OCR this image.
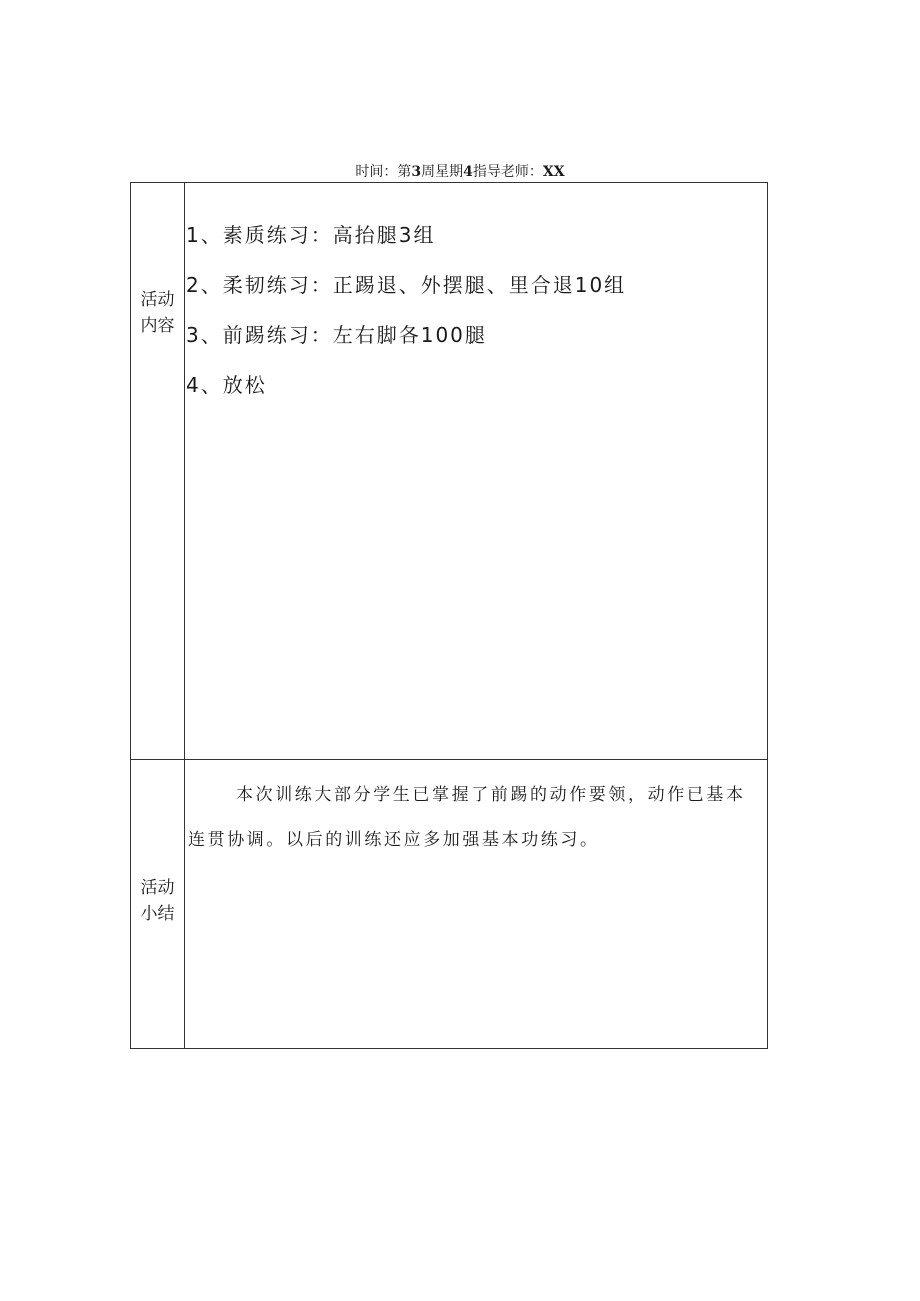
时间：第3周星期4指导老师：XX
活动
内容
1、素质练习：高抬腿3组
2、柔韧练习：正踢退、外摆腿、里合退10组
3、前踢练习：左右脚各100腿
4、放松
活动
小结

本次训练大部分学生已掌握了前踢的动作要领，动作已基本连贯协调。以后的训练还应多加强基本功练习。
